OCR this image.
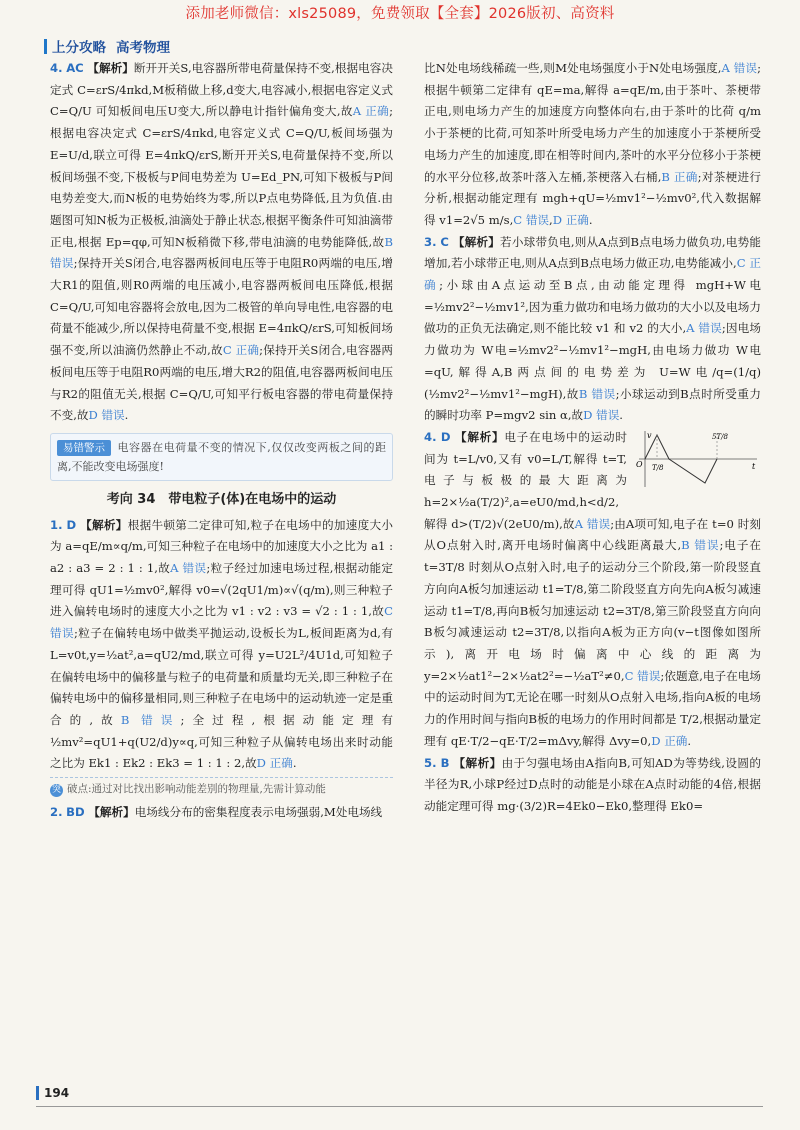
添加老师微信：xls25089，免费领取【全套】2026版初、高资料
上分攻略 高考物理

4. AC 【解析】断开开关S,电容器所带电荷量保持不变,根据电容决定式 C=εrS/4πkd,M板稍做上移,d变大,电容减小,根据电容定义式 C=Q/U 可知板间电压U变大,所以静电计指针偏角变大,故A 正确;根据电容决定式 C=εrS/4πkd,电容定义式 C=Q/U,板间场强为 E=U/d,联立可得 E=4πkQ/εrS,断开开关S,电荷量保持不变,所以板间场强不变,下极板与P间电势差为 U=Ed_PN,可知下极板与P间电势差变大,而N板的电势始终为零,所以P点电势降低,且为负值.由题图可知N板为正极板,油滴处于静止状态,根据平衡条件可知油滴带正电,根据 Ep=qφ,可知N板稍微下移,带电油滴的电势能降低,故B 错误;保持开关S闭合,电容器两板间电压等于电阻R0两端的电压,增大R1的阻值,则R0两端的电压减小,电容器两板间电压降低,根据 C=Q/U,可知电容器将会放电,因为二极管的单向导电性,电容器的电荷量不能减少,所以保持电荷量不变,根据 E=4πkQ/εrS,可知板间场强不变,所以油滴仍然静止不动,故C 正确;保持开关S闭合,电容器两板间电压等于电阻R0两端的电压,增大R2的阻值,电容器两板间电压与R2的阻值无关,根据 C=Q/U,可知平行板电容器的带电荷量保持不变,故D 错误.

易错警示 电容器在电荷量不变的情况下,仅仅改变两板之间的距离,不能改变电场强度!
考向 34　带电粒子(体)在电场中的运动

1. D 【解析】根据牛顿第二定律可知,粒子在电场中的加速度大小为 a=qE/m∝q/m,可知三种粒子在电场中的加速度大小之比为 a1 : a2 : a3 = 2 : 1 : 1,故A 错误;粒子经过加速电场过程,根据动能定理可得 qU1=½mv0²,解得 v0=√(2qU1/m)∝√(q/m),则三种粒子进入偏转电场时的速度大小之比为 v1 : v2 : v3 = √2 : 1 : 1,故C 错误;粒子在偏转电场中做类平抛运动,设板长为L,板间距离为d,有 L=v0t,y=½at²,a=qU2/md,联立可得 y=U2L²/4U1d,可知粒子在偏转电场中的偏移量与粒子的电荷量和质量均无关,即三种粒子在偏转电场中的偏移量相同,则三种粒子在电场中的运动轨迹一定是重合的,故B 错误;全过程,根据动能定理有 ½mv²=qU1+q(U2/d)y∝q,可知三种粒子从偏转电场出来时动能之比为 Ek1 : Ek2 : Ek3 = 1 : 1 : 2,故D 正确.

突 破点:通过对比找出影响动能差别的物理量,先需计算动能

2. BD 【解析】电场线分布的密集程度表示电场强弱,M处电场线

比N处电场线稀疏一些,则M处电场强度小于N处电场强度,A 错误;根据牛顿第二定律有 qE=ma,解得 a=qE/m,由于茶叶、茶梗带正电,则电场力产生的加速度方向整体向右,由于茶叶的比荷 q/m 小于茶梗的比荷,可知茶叶所受电场力产生的加速度小于茶梗所受电场力产生的加速度,即在相等时间内,茶叶的水平分位移小于茶梗的水平分位移,故茶叶落入左桶,茶梗落入右桶,B 正确;对茶梗进行分析,根据动能定理有 mgh+qU=½mv1²−½mv0²,代入数据解得 v1=2√5 m/s,C 错误,D 正确.

3. C 【解析】若小球带负电,则从A点到B点电场力做负功,电势能增加,若小球带正电,则从A点到B点电场力做正功,电势能减小,C 正确;小球由A点运动至B点,由动能定理得 mgH+W电=½mv2²−½mv1²,因为重力做功和电场力做功的大小以及电场力做功的正负无法确定,则不能比较 v1 和 v2 的大小,A 错误;因电场力做功为 W电=½mv2²−½mv1²−mgH,由电场力做功 W电=qU,解得A,B两点间的电势差为 U=W电/q=(1/q)(½mv2²−½mv1²−mgH),故B 错误;小球运动到B点时所受重力的瞬时功率 P=mgv2 sin α,故D 错误.

v
t
O T/8
5T/8
4. D 【解析】电子在电场中的运动时间为 t=L/v0,又有 v0=L/T,解得 t=T,电子与板极的最大距离为 h=2×½a(T/2)²,a=eU0/md,h<d/2,解得 d>(T/2)√(2eU0/m),故A 错误;由A项可知,电子在 t=0 时刻从O点射入时,离开电场时偏离中心线距离最大,B 错误;电子在 t=3T/8 时刻从O点射入时,电子的运动分三个阶段,第一阶段竖直方向向A板匀加速运动 t1=T/8,第二阶段竖直方向先向A板匀减速运动 t1=T/8,再向B板匀加速运动 t2=3T/8,第三阶段竖直方向向B板匀减速运动 t2=3T/8,以指向A板为正方向(v−t图像如图所示),离开电场时偏离中心线的距离为 y=2×½at1²−2×½at2²=−½aT²≠0,C 错误;依题意,电子在电场中的运动时间为T,无论在哪一时刻从O点射入电场,指向A板的电场力的作用时间与指向B板的电场力的作用时间都是 T/2,根据动量定理有 qE·T/2−qE·T/2=mΔvy,解得 Δvy=0,D 正确.

5. B 【解析】由于匀强电场由A指向B,可知AD为等势线,设圆的半径为R,小球P经过D点时的动能是小球在A点时动能的4倍,根据动能定理可得 mg·(3/2)R=4Ek0−Ek0,整理得 Ek0=

194
